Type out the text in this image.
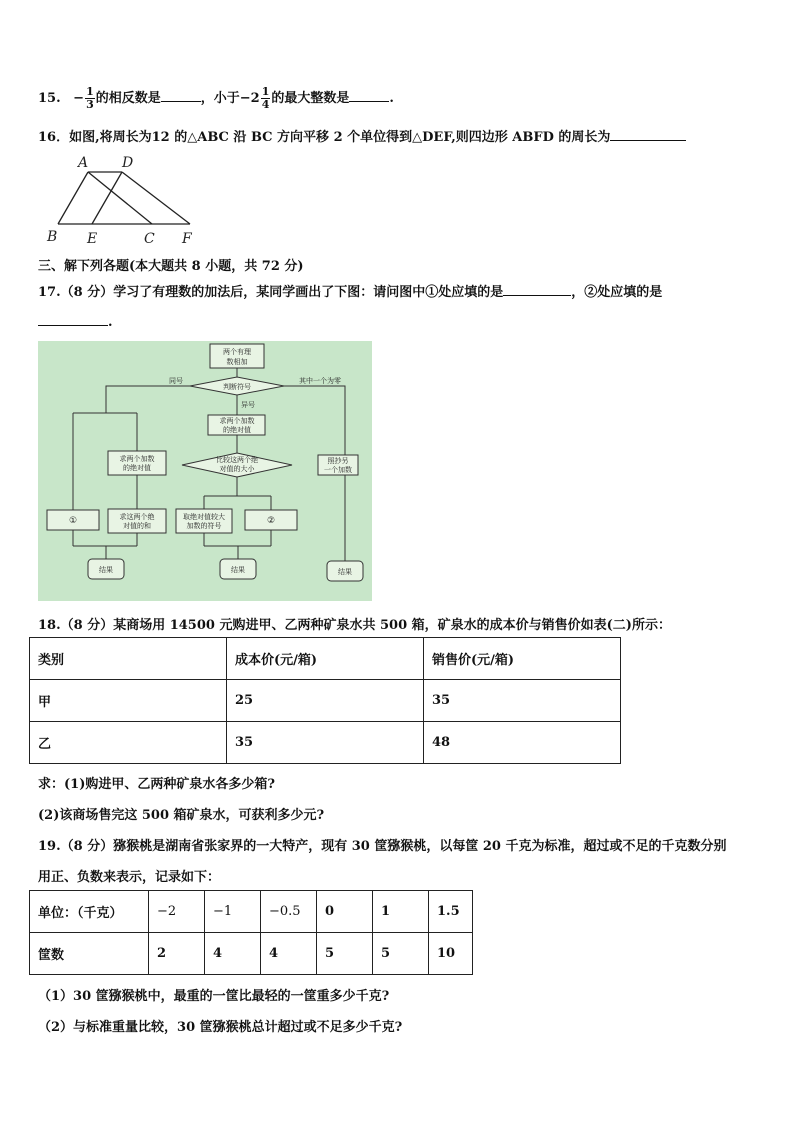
15. − $\frac{1}{3}$ 的相反数是	，小于$-2 \frac{1}{4}$ 的最大整数是	.
16．如图,将周长为12 的△ABC 沿 BC 方向平移 2 个单位得到△DEF,则四边形 ABFD 的周长为
A D
B E	C F
三、解下列各题(本大题共 8 小题，共 72 分)
17.（8 分）学习了有理数的加法后，某同学画出了下图：请问图中①处应填的是	，②处应填的是
.
两个有理
数相加
判断符号
同号
异号
其中一个为零
求两个加数
的绝对值
求两个加数
的绝对值
比较这两个绝
对值的大小
照抄另
一个加数
①	求这两个绝
对值的和
取绝对值较大
加数的符号	②
结果	结果	结果
18.（8 分）某商场用 14500 元购进甲、乙两种矿泉水共 500 箱，矿泉水的成本价与销售价如表(二)所示：
类别	成本价(元/箱)	销售价(元/箱)
甲	25	35
乙	35	48
求：(1)购进甲、乙两种矿泉水各多少箱?
(2)该商场售完这 500 箱矿泉水，可获利多少元?
19.（8 分）猕猴桃是湖南省张家界的一大特产，现有 30 筐猕猴桃，以每筐 20 千克为标准，超过或不足的千克数分别
用正、负数来表示，记录如下：
单位：（千克）	−2	−1	−0.5	0	1	1.5
筐数	2	4	4	5	5	10
（1）30 筐猕猴桃中，最重的一筐比最轻的一筐重多少千克?
（2）与标准重量比较，30 筐猕猴桃总计超过或不足多少千克?
